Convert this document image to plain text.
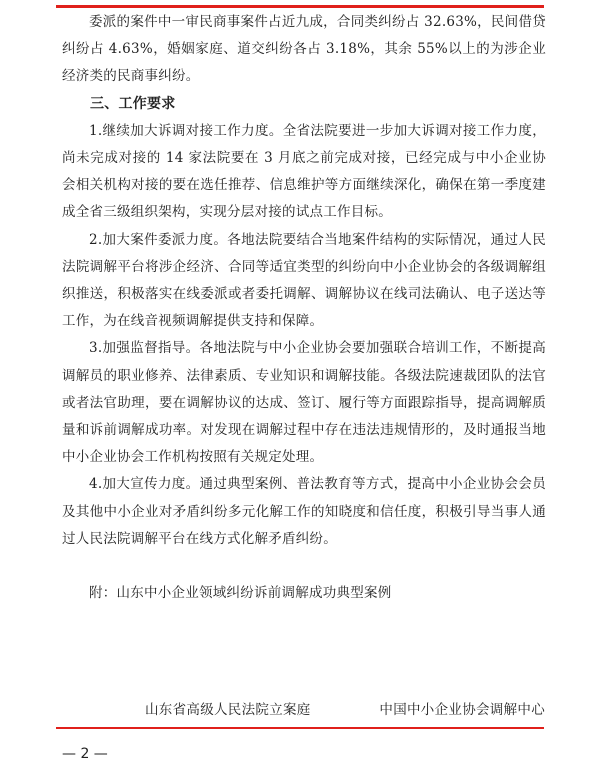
委派的案件中一审民商事案件占近九成，合同类纠纷占 32.63%，民间借贷纠纷占 4.63%，婚姻家庭、道交纠纷各占 3.18%，其余 55%以上的为涉企业经济类的民商事纠纷。

三、工作要求

1.继续加大诉调对接工作力度。全省法院要进一步加大诉调对接工作力度，尚未完成对接的 14 家法院要在 3 月底之前完成对接，已经完成与中小企业协会相关机构对接的要在选任推荐、信息维护等方面继续深化，确保在第一季度建成全省三级组织架构，实现分层对接的试点工作目标。

2.加大案件委派力度。各地法院要结合当地案件结构的实际情况，通过人民法院调解平台将涉企经济、合同等适宜类型的纠纷向中小企业协会的各级调解组织推送，积极落实在线委派或者委托调解、调解协议在线司法确认、电子送达等工作，为在线音视频调解提供支持和保障。

3.加强监督指导。各地法院与中小企业协会要加强联合培训工作，不断提高调解员的职业修养、法律素质、专业知识和调解技能。各级法院速裁团队的法官或者法官助理，要在调解协议的达成、签订、履行等方面跟踪指导，提高调解质量和诉前调解成功率。对发现在调解过程中存在违法违规情形的，及时通报当地中小企业协会工作机构按照有关规定处理。

4.加大宣传力度。通过典型案例、普法教育等方式，提高中小企业协会会员及其他中小企业对矛盾纠纷多元化解工作的知晓度和信任度，积极引导当事人通过人民法院调解平台在线方式化解矛盾纠纷。

附：山东中小企业领域纠纷诉前调解成功典型案例

山东省高级人民法院立案庭	中国中小企业协会调解中心
— 2 —
